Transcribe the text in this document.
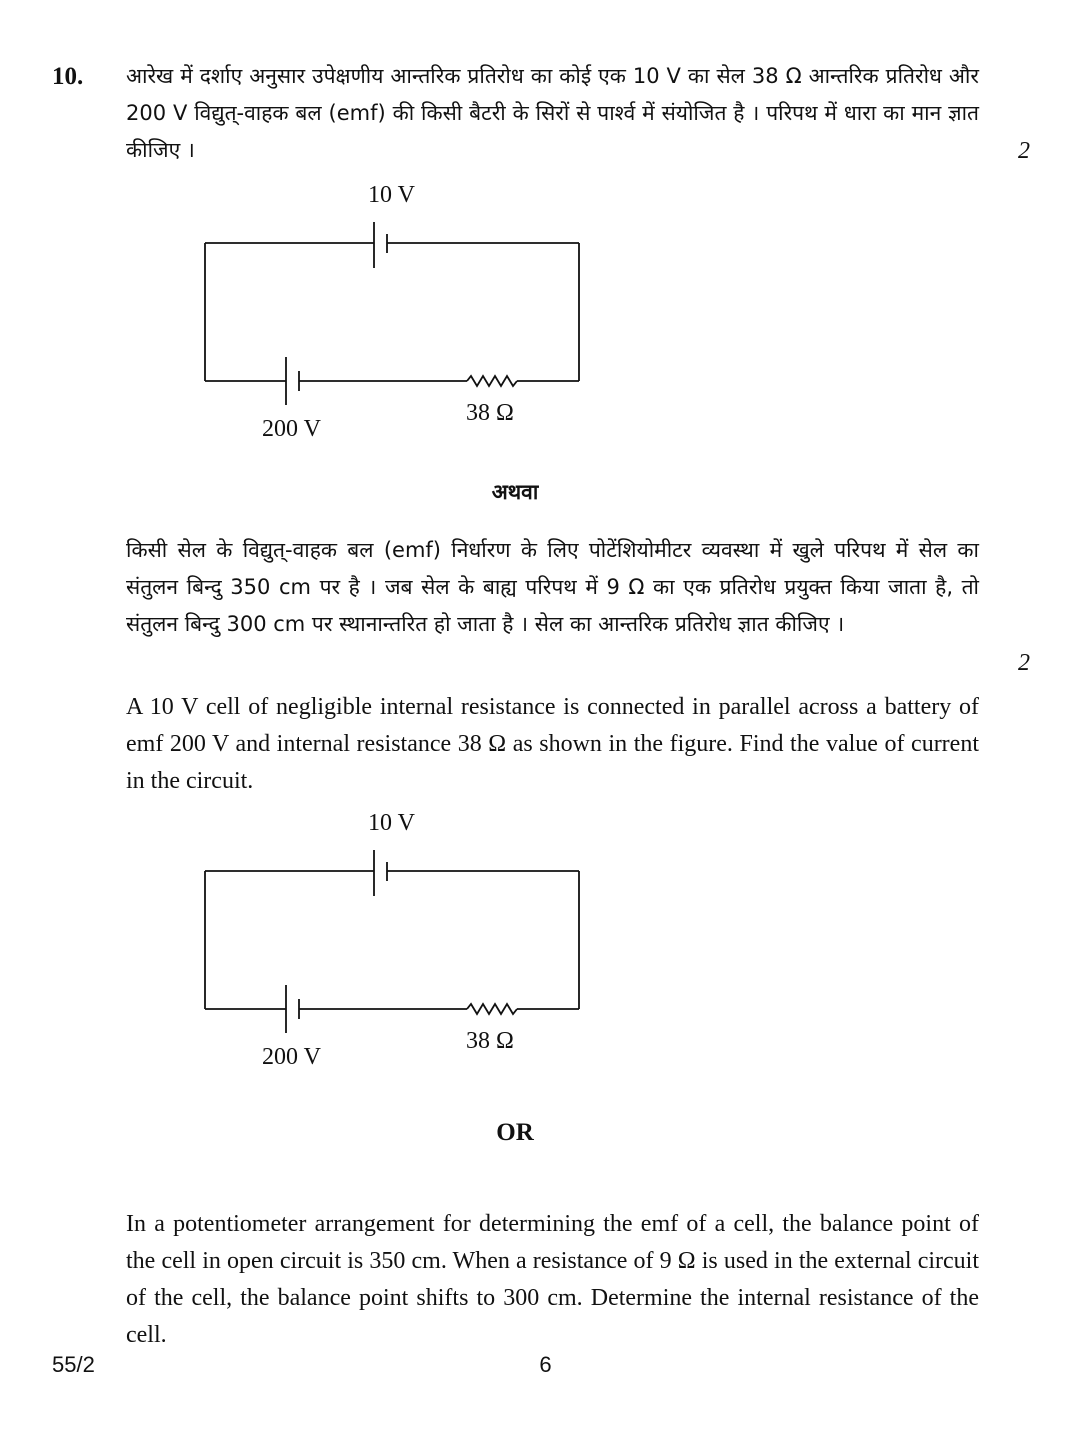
10. आरेख में दर्शाए अनुसार उपेक्षणीय आन्तरिक प्रतिरोध का कोई एक 10 V का सेल 38 Ω आन्तरिक प्रतिरोध और 200 V विद्युत्-वाहक बल (emf) की किसी बैटरी के सिरों से पार्श्व में संयोजित है । परिपथ में धारा का मान ज्ञात कीजिए ।	2
10 V
200 V
38 Ω
अथवा

किसी सेल के विद्युत्-वाहक बल (emf) निर्धारण के लिए पोटेंशियोमीटर व्यवस्था में खुले परिपथ में सेल का संतुलन बिन्दु 350 cm पर है । जब सेल के बाह्य परिपथ में 9 Ω का एक प्रतिरोध प्रयुक्त किया जाता है, तो संतुलन बिन्दु 300 cm पर स्थानान्तरित हो जाता है । सेल का आन्तरिक प्रतिरोध ज्ञात कीजिए ।

2

A 10 V cell of negligible internal resistance is connected in parallel across a battery of emf 200 V and internal resistance 38 Ω as shown in the figure. Find the value of current in the circuit.

10 V
200 V
38 Ω
OR

In a potentiometer arrangement for determining the emf of a cell, the balance point of the cell in open circuit is 350 cm. When a resistance of 9 Ω is used in the external circuit of the cell, the balance point shifts to 300 cm. Determine the internal resistance of the cell.

55/2	6
